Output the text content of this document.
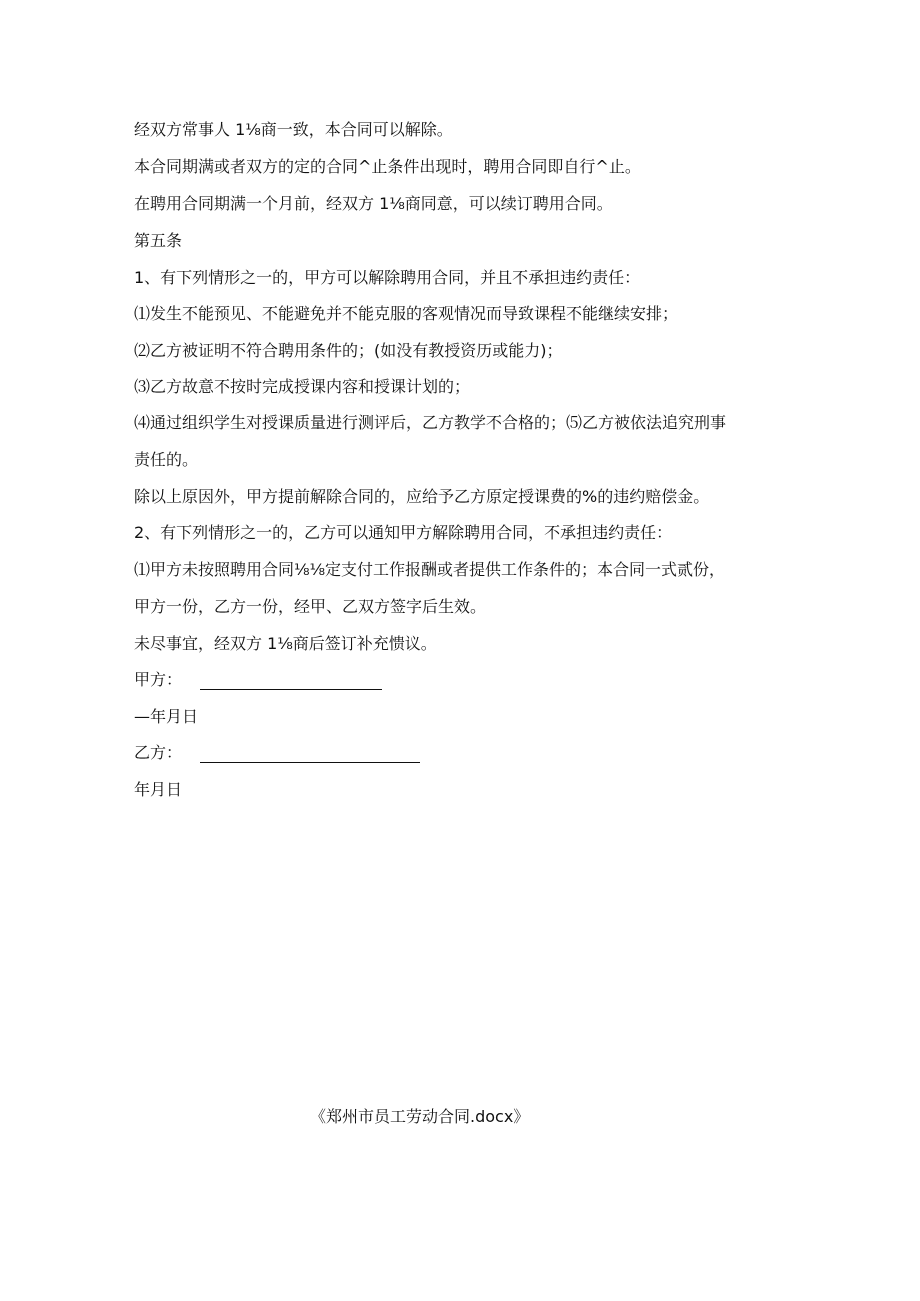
经双方常事人 1⅛商一致，本合同可以解除。
本合同期满或者双方的定的合同^止条件出现时，聘用合同即自行^止。
在聘用合同期满一个月前，经双方 1⅛商同意，可以续订聘用合同。
第五条
1、有下列情形之一的，甲方可以解除聘用合同，并且不承担违约责任：
⑴发生不能预见、不能避免并不能克服的客观情况而导致课程不能继续安排；
⑵乙方被证明不符合聘用条件的；(如没有教授资历或能力)；
⑶乙方故意不按时完成授课内容和授课计划的；
⑷通过组织学生对授课质量进行测评后，乙方教学不合格的；⑸乙方被依法追究刑事
责任的。
除以上原因外，甲方提前解除合同的，应给予乙方原定授课费的%的违约赔偿金。
2、有下列情形之一的，乙方可以通知甲方解除聘用合同，不承担违约责任：
⑴甲方未按照聘用合同⅛⅛定支付工作报酬或者提供工作条件的；本合同一式贰份，
甲方一份，乙方一份，经甲、乙双方签字后生效。
未尽事宜，经双方 1⅛商后签订补充愦议。
甲方：
—年月日
乙方：
年月日
《郑州市员工劳动合同.docx》
